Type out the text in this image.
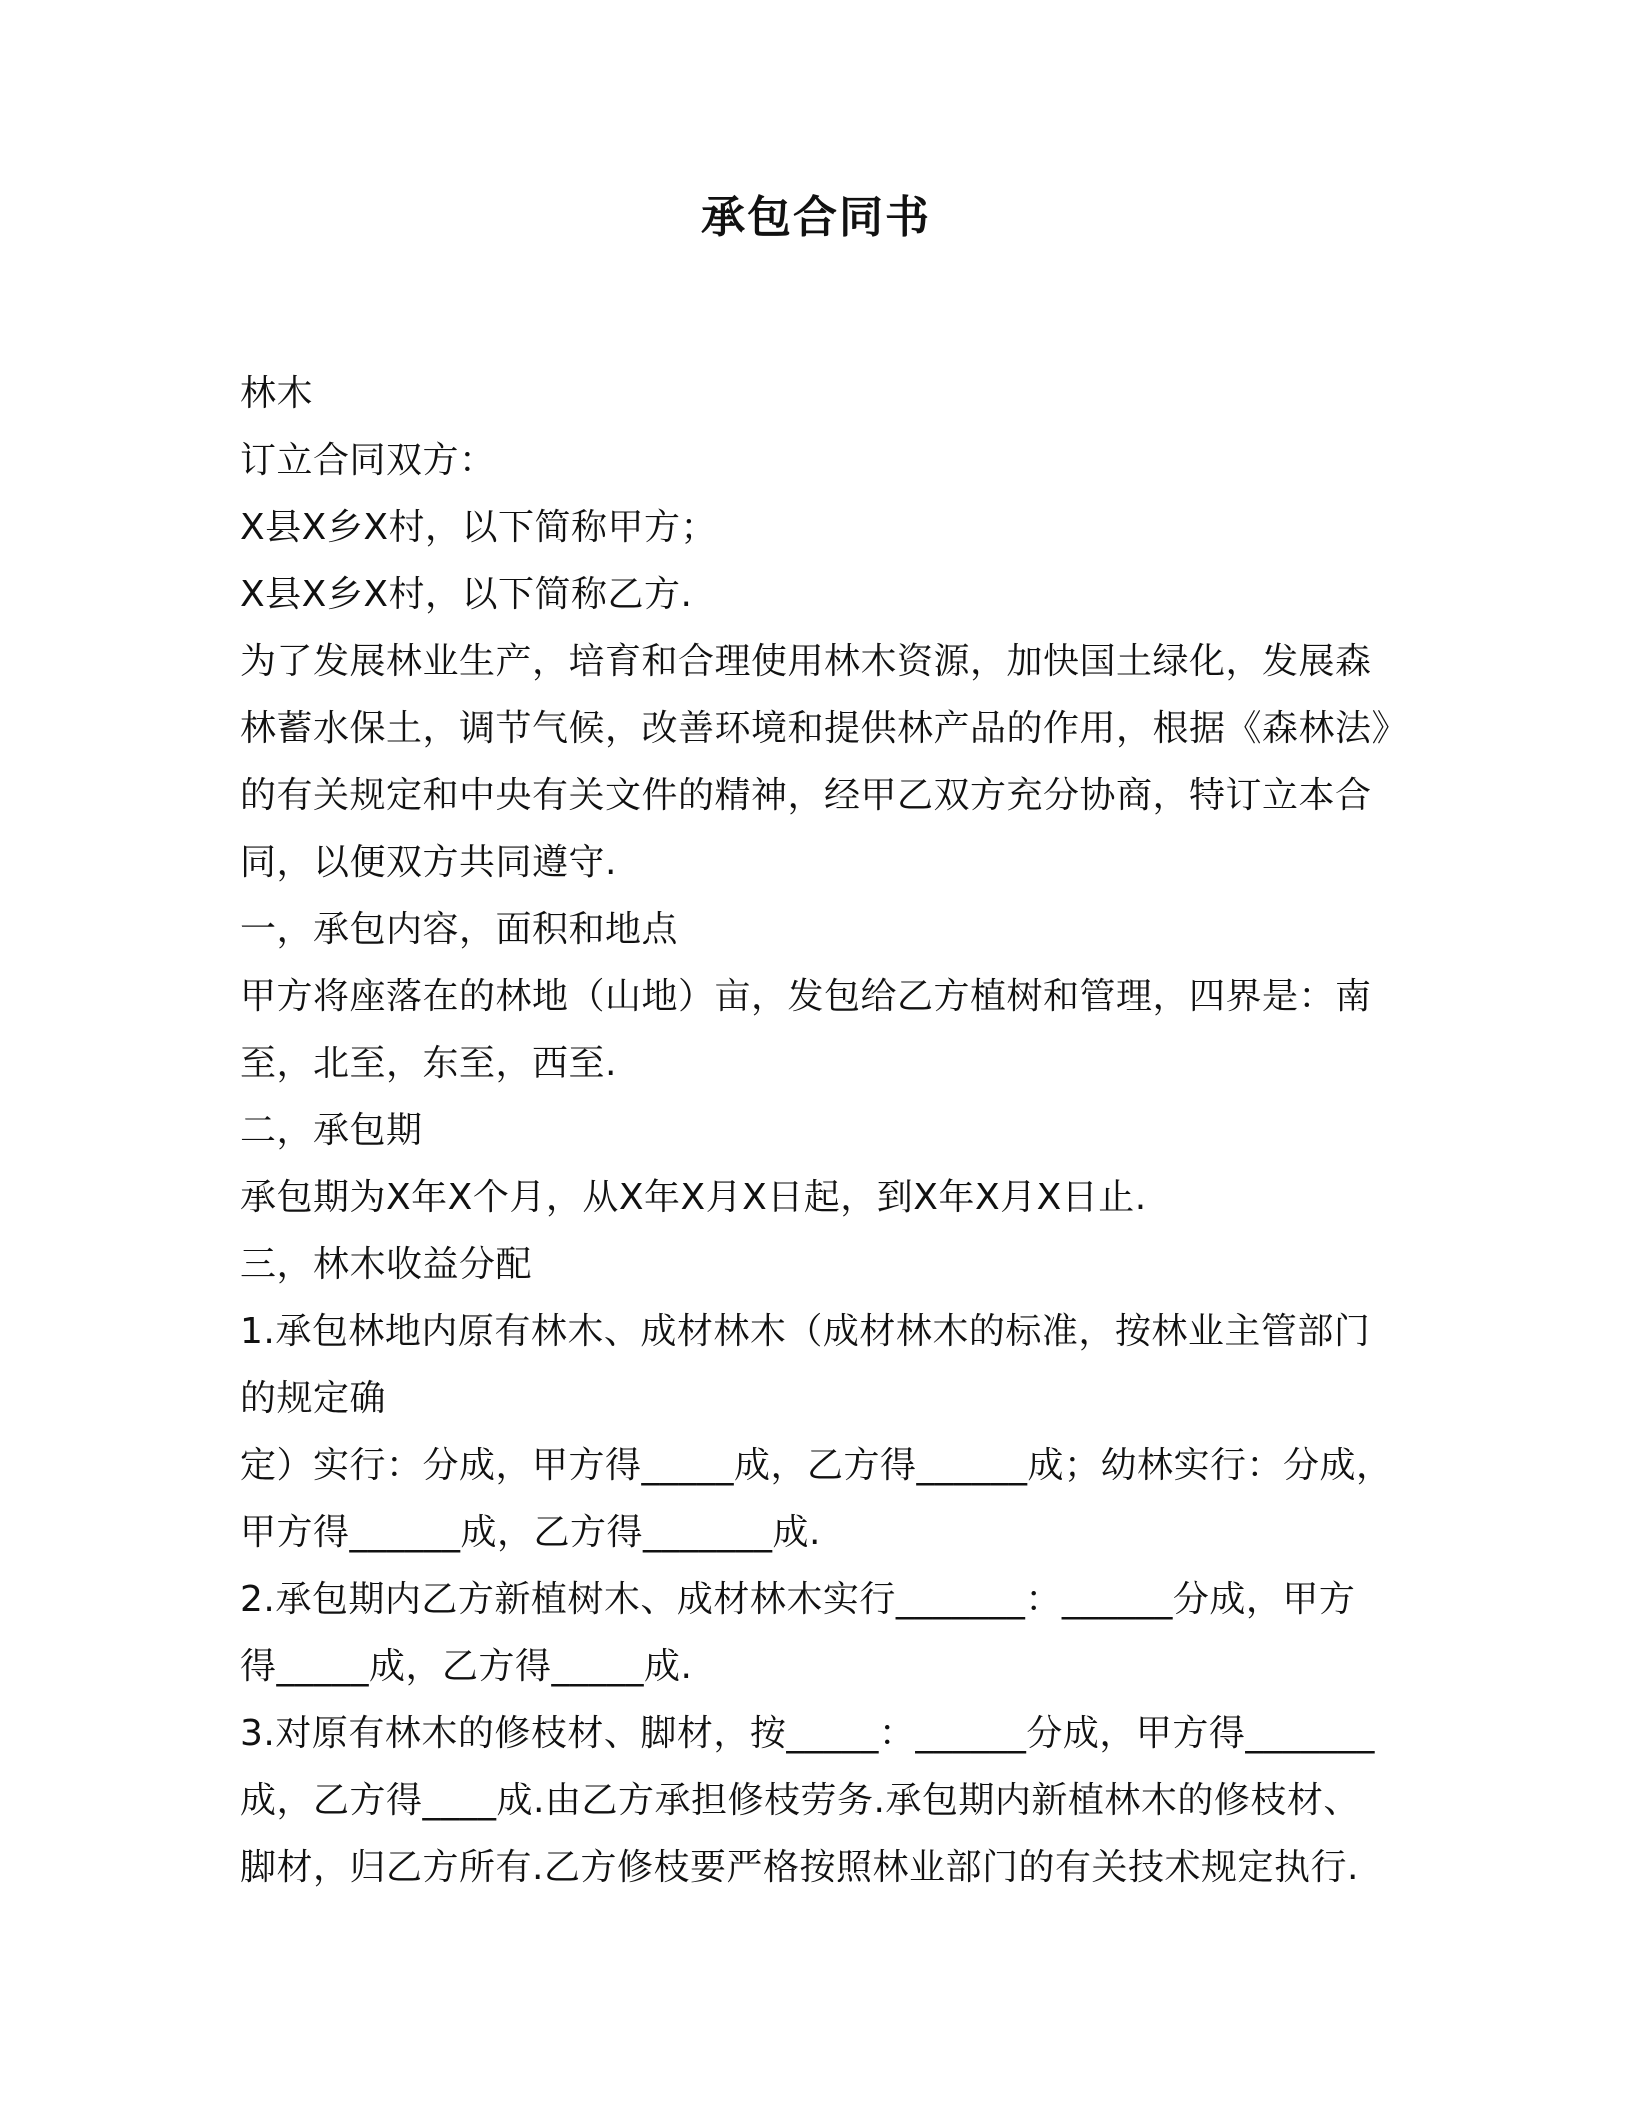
承包合同书
林木
订立合同双方：
X县X乡X村，以下简称甲方；
X县X乡X村，以下简称乙方.
为了发展林业生产，培育和合理使用林木资源，加快国土绿化，发展森
林蓄水保土，调节气候，改善环境和提供林产品的作用，根据《森林法》
的有关规定和中央有关文件的精神，经甲乙双方充分协商，特订立本合
同，以便双方共同遵守.
一，承包内容，面积和地点
甲方将座落在的林地（山地）亩，发包给乙方植树和管理，四界是：南
至，北至，东至，西至.
二，承包期
承包期为X年X个月，从X年X月X日起，到X年X月X日止.
三，林木收益分配
1.承包林地内原有林木、成材林木（成材林木的标准，按林业主管部门
的规定确
定）实行：分成，甲方得_____成，乙方得______成；幼林实行：分成，
甲方得______成，乙方得_______成.
2.承包期内乙方新植树木、成材林木实行_______：______分成，甲方
得_____成，乙方得_____成.
3.对原有林木的修枝材、脚材，按_____：______分成，甲方得_______
成，乙方得____成.由乙方承担修枝劳务.承包期内新植林木的修枝材、
脚材，归乙方所有.乙方修枝要严格按照林业部门的有关技术规定执行.
